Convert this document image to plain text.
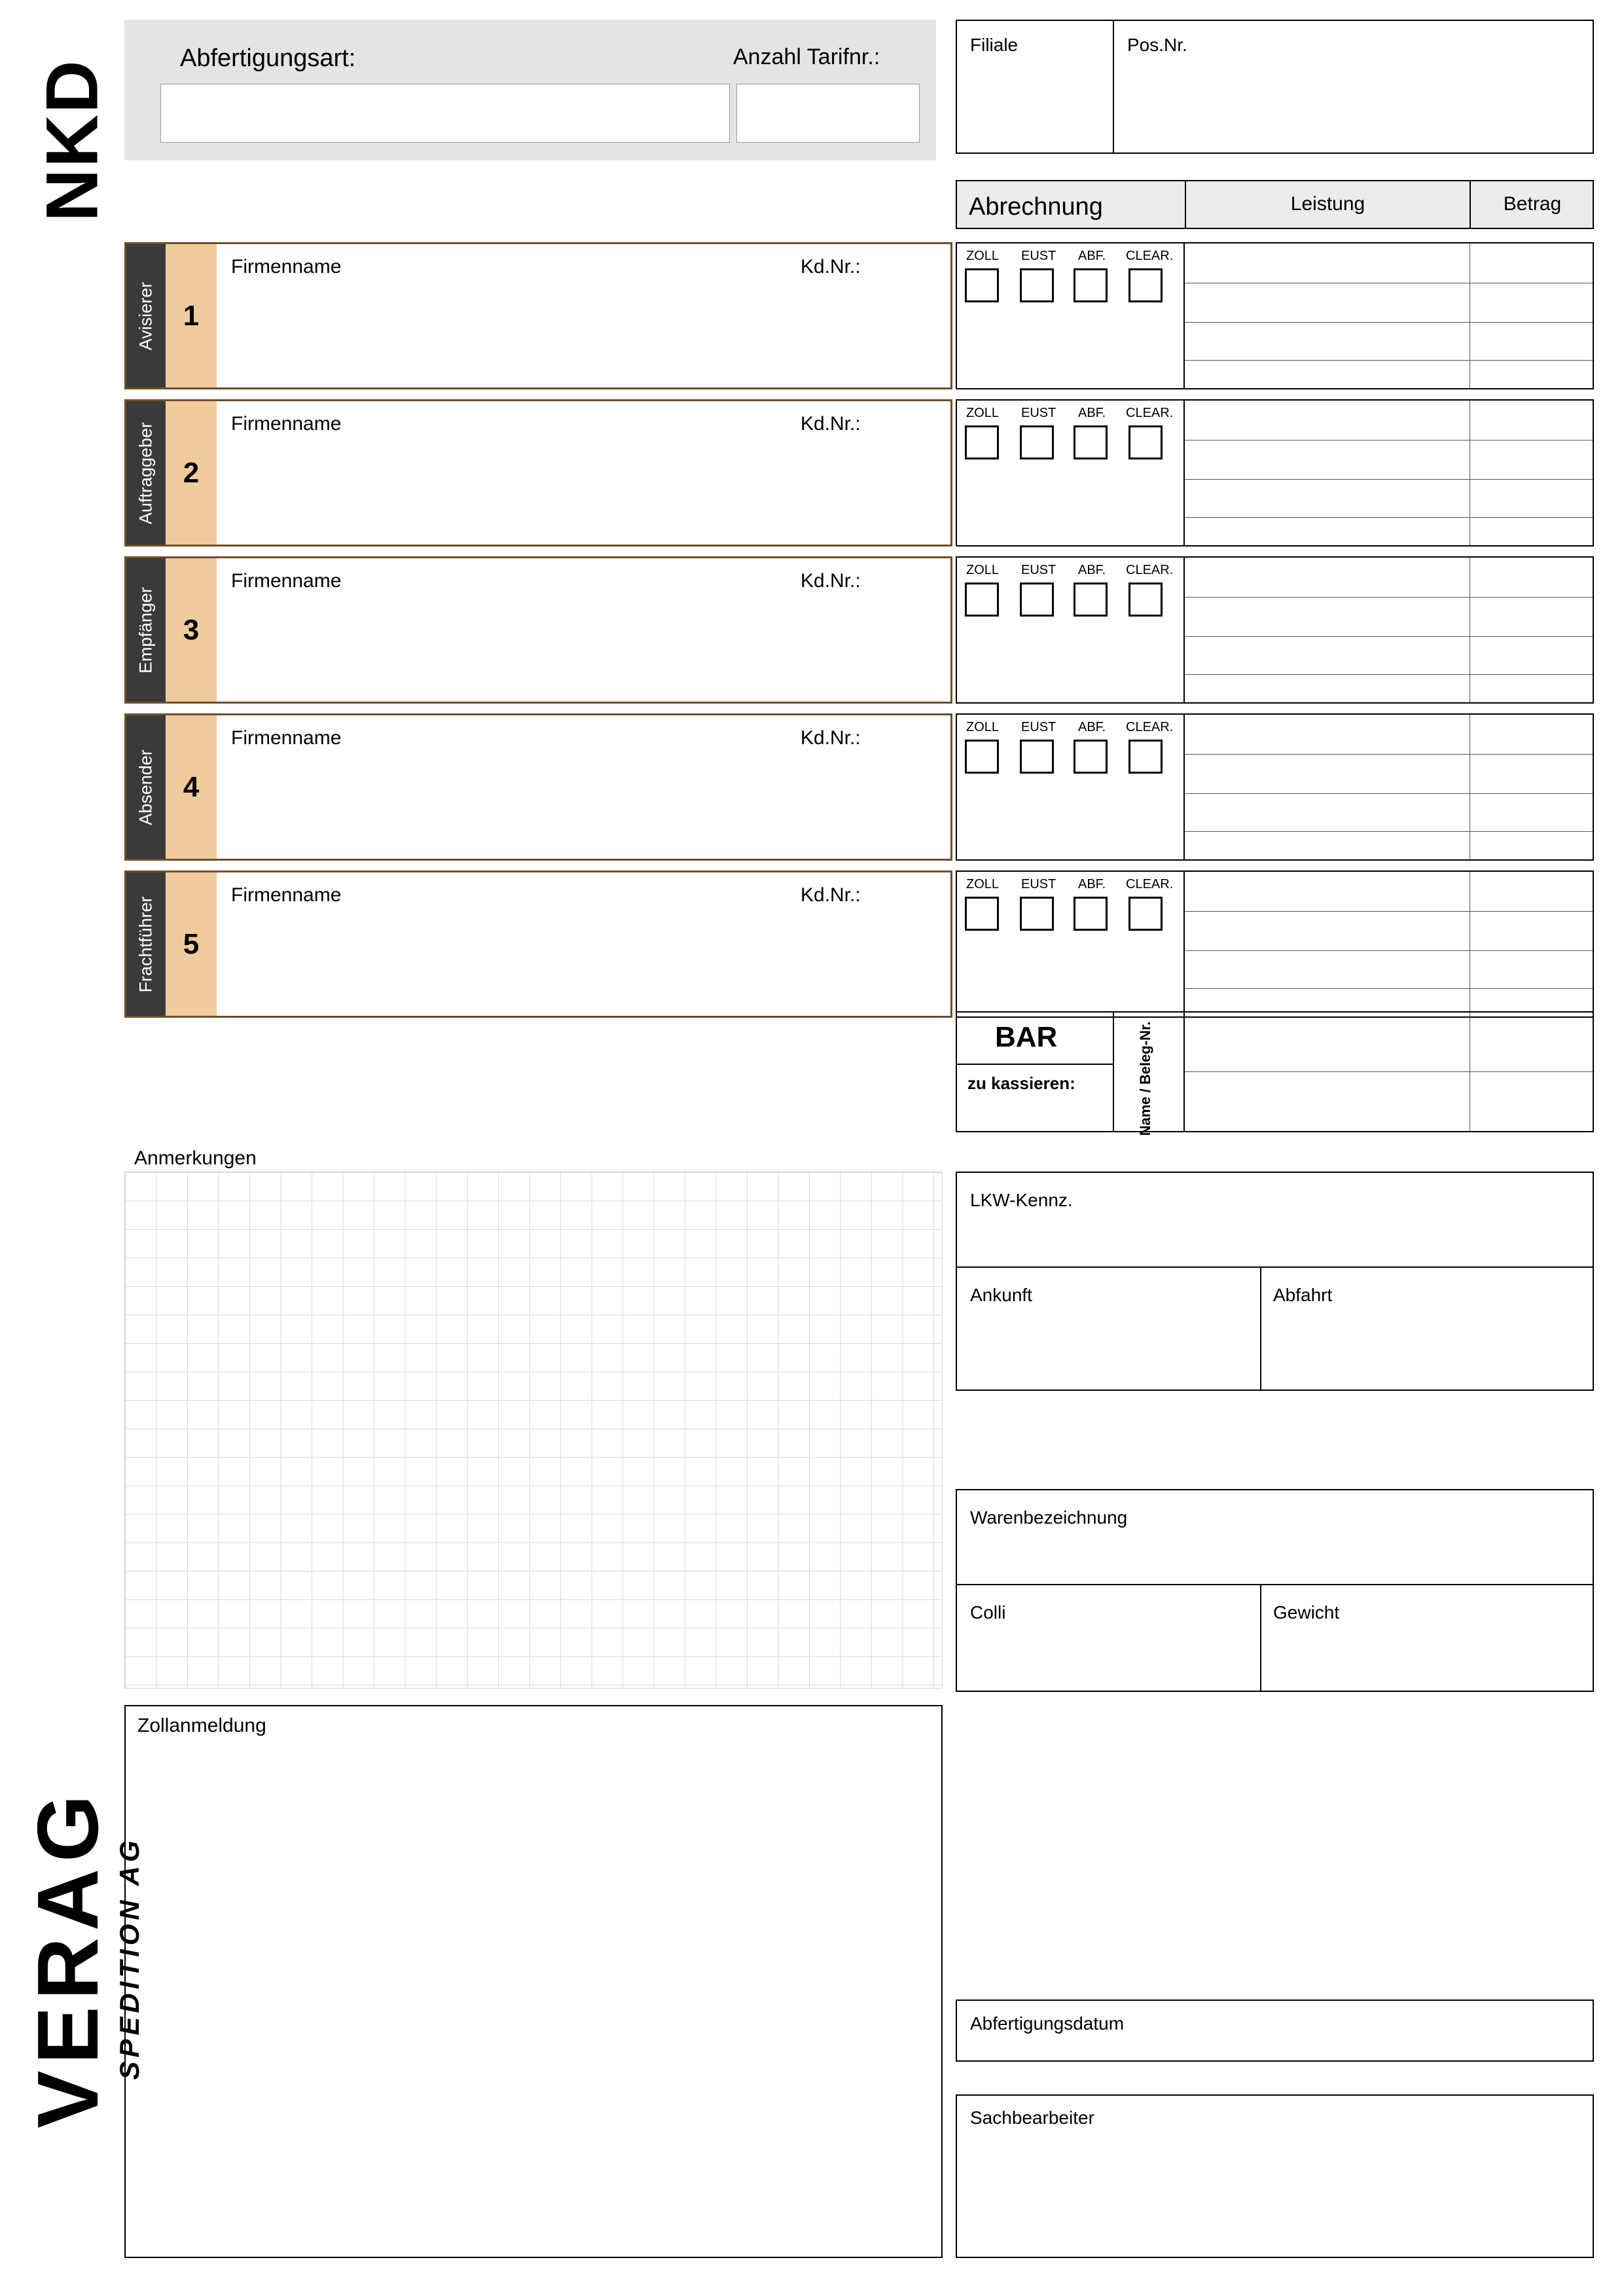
NKD
VERAG
SPEDITION AG
Abfertigungsart:	Anzahl Tarifnr.:	Filiale	Pos.Nr.
Abrechnung	Leistung	Betrag
Avisierer 1
Firmenname	Kd.Nr.:	ZOLL EUST ABF. CLEAR.
Auftraggeber 2
Firmenname	Kd.Nr.:	ZOLL EUST ABF. CLEAR.
Empfänger 3
Firmenname	Kd.Nr.:	ZOLL EUST ABF. CLEAR.
Absender 4
Firmenname	Kd.Nr.:	ZOLL EUST ABF. CLEAR.
Frachtführer 5
Firmenname	Kd.Nr.:	ZOLL EUST ABF. CLEAR.
BAR
zu kassieren:	Name / Beleg-Nr.
Anmerkungen
LKW-Kennz.
Ankunft	Abfahrt
Warenbezeichnung
Colli	Gewicht
Zollanmeldung
Abfertigungsdatum
Sachbearbeiter
